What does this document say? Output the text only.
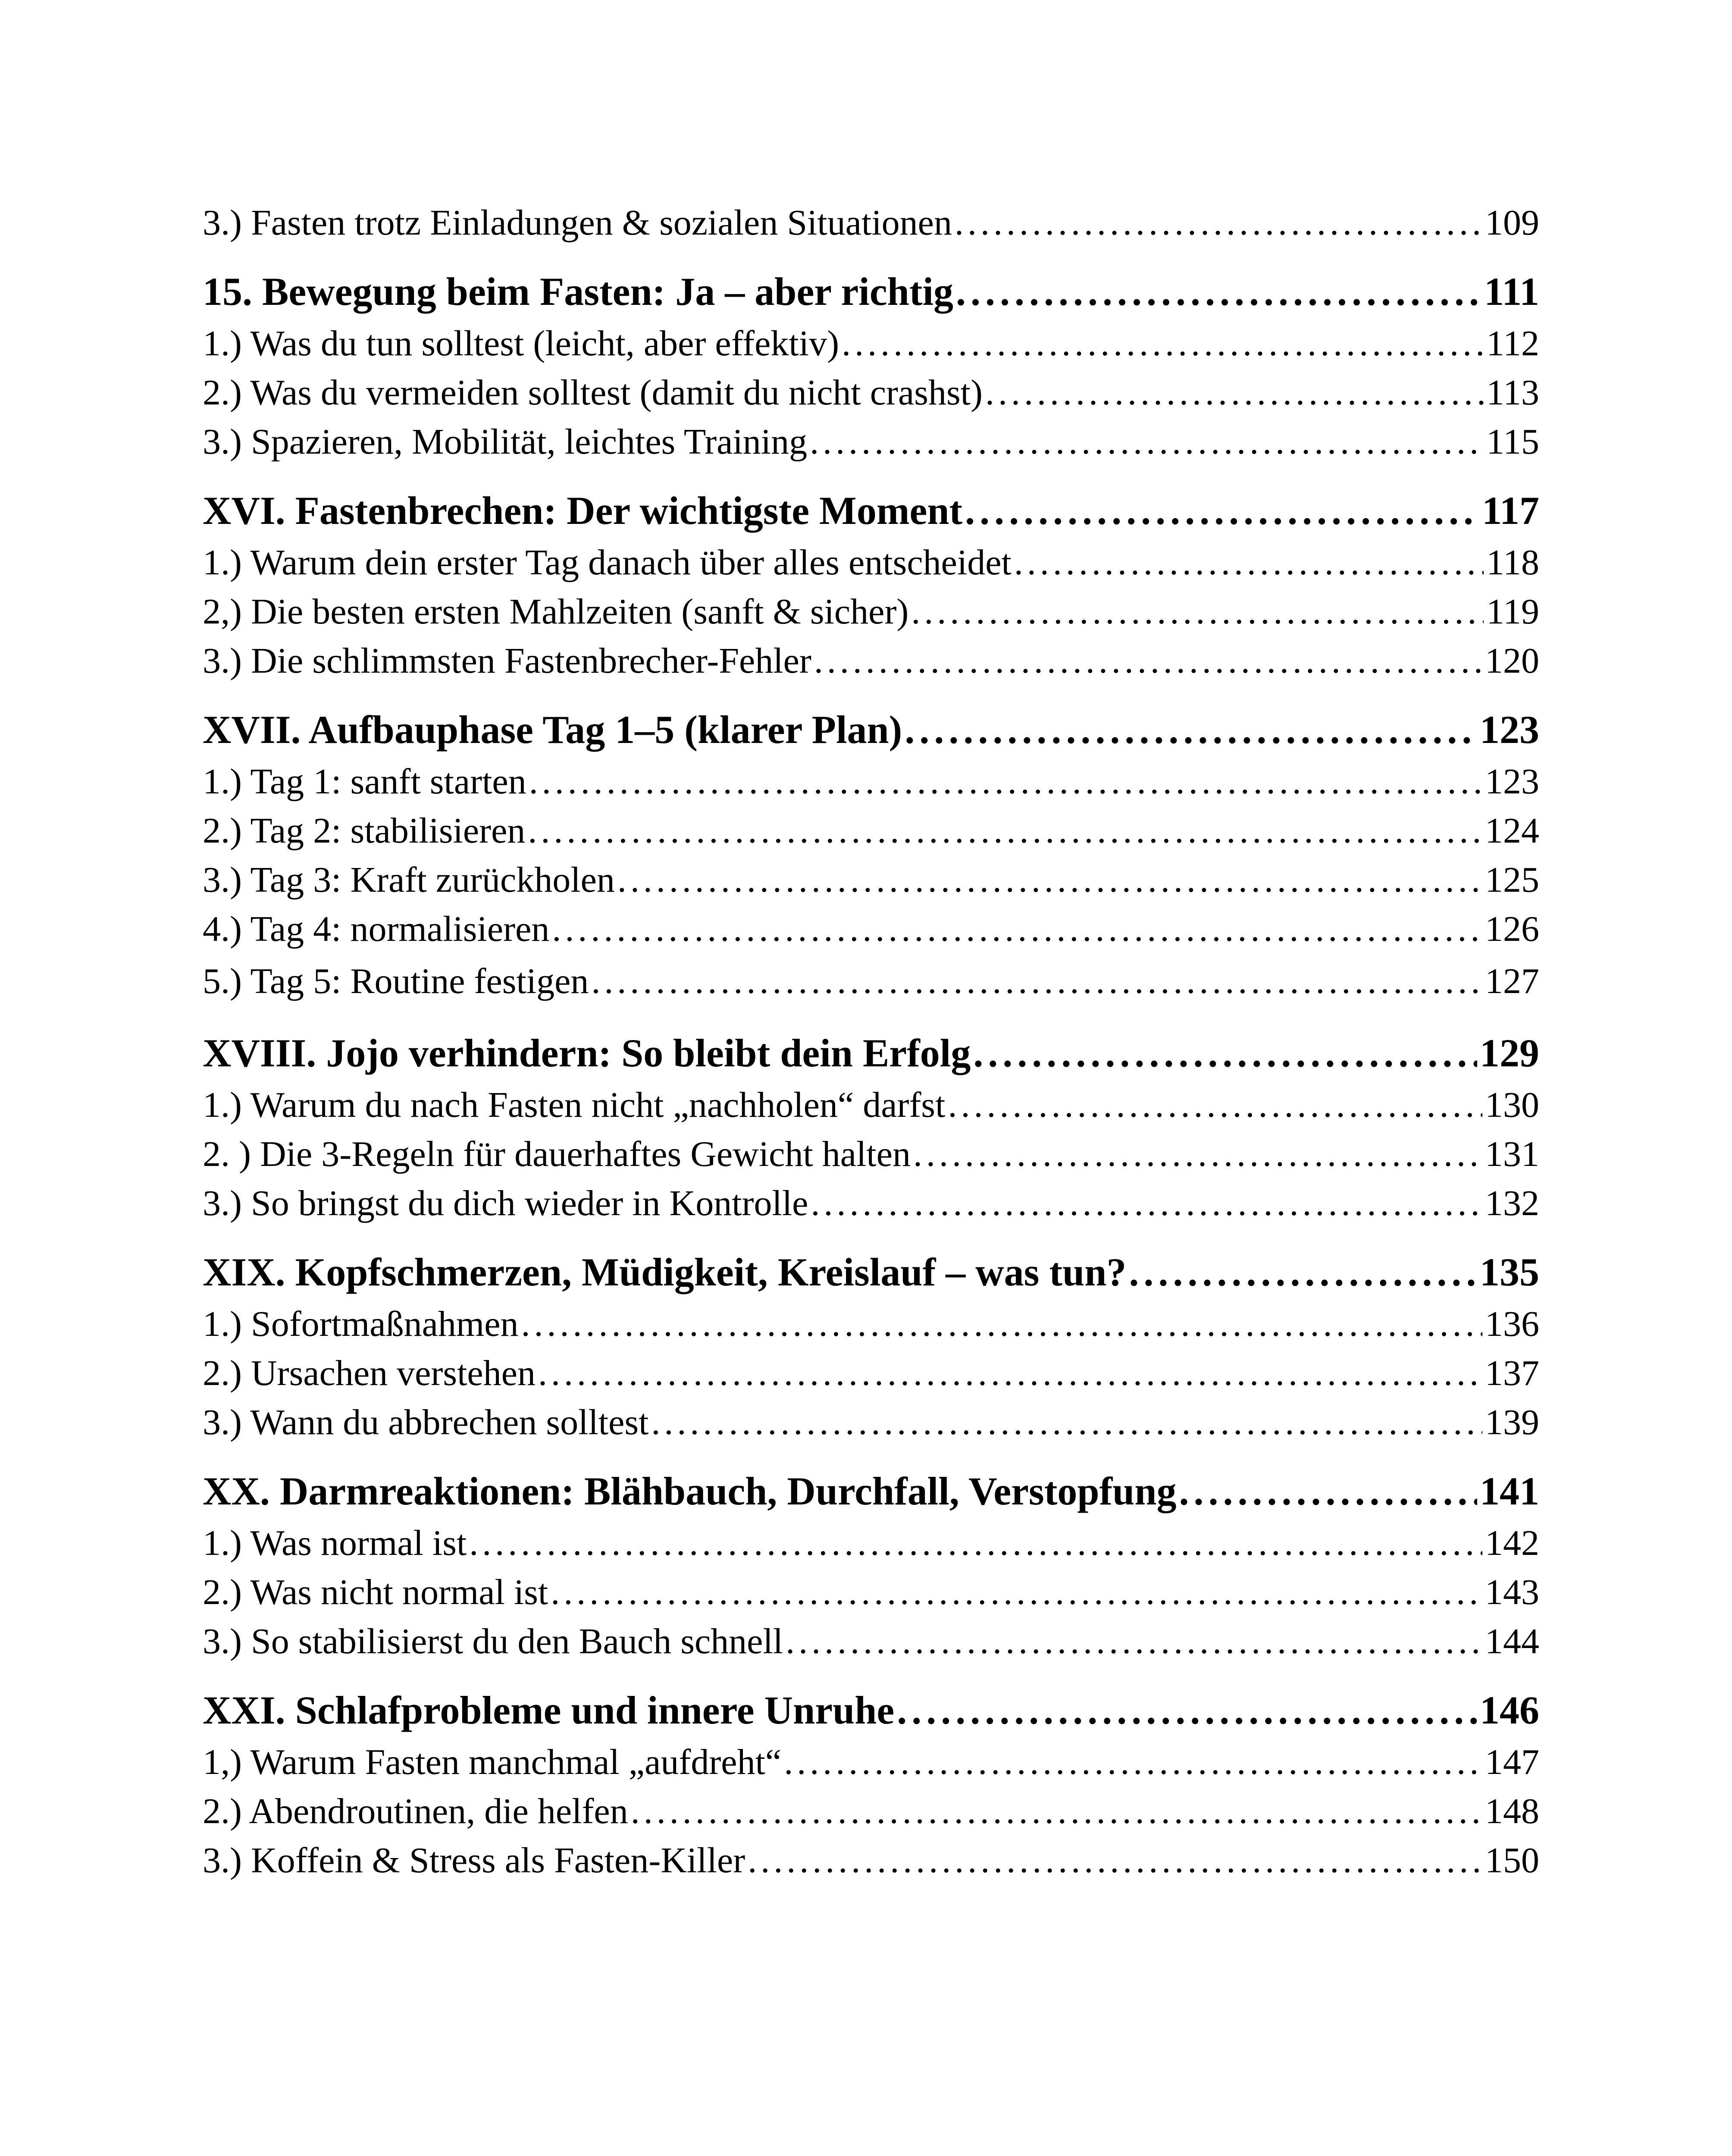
3.) Fasten trotz Einladungen & sozialen Situationen . . .	109
15. Bewegung beim Fasten: Ja – aber richtig . . .	111
1.) Was du tun solltest (leicht, aber effektiv) . . .	112
2.) Was du vermeiden solltest (damit du nicht crashst) . . .	113
3.) Spazieren, Mobilität, leichtes Training . . .	115
XVI. Fastenbrechen: Der wichtigste Moment . . .	117
1.) Warum dein erster Tag danach über alles entscheidet . . .	118
2,) Die besten ersten Mahlzeiten (sanft & sicher) . . .	119
3.) Die schlimmsten Fastenbrecher-Fehler . . .	120
XVII. Aufbauphase Tag 1–5 (klarer Plan) . . .	123
1.) Tag 1: sanft starten . . .	123
2.) Tag 2: stabilisieren . . .	124
3.) Tag 3: Kraft zurückholen . . .	125
4.) Tag 4: normalisieren . . .	126
5.) Tag 5: Routine festigen . . .	127
XVIII. Jojo verhindern: So bleibt dein Erfolg . . .	129
1.) Warum du nach Fasten nicht „nachholen“ darfst . . .	130
2. ) Die 3-Regeln für dauerhaftes Gewicht halten . . .	131
3.) So bringst du dich wieder in Kontrolle . . .	132
XIX. Kopfschmerzen, Müdigkeit, Kreislauf – was tun? . . .	135
1.) Sofortmaßnahmen . . .	136
2.) Ursachen verstehen . . .	137
3.) Wann du abbrechen solltest . . .	139
XX. Darmreaktionen: Blähbauch, Durchfall, Verstopfung . . .	141
1.) Was normal ist . . .	142
2.) Was nicht normal ist . . .	143
3.) So stabilisierst du den Bauch schnell . . .	144
XXI. Schlafprobleme und innere Unruhe . . .	146
1,) Warum Fasten manchmal „aufdreht“ . . .	147
2.) Abendroutinen, die helfen . . .	148
3.) Koffein & Stress als Fasten-Killer . . .	150
